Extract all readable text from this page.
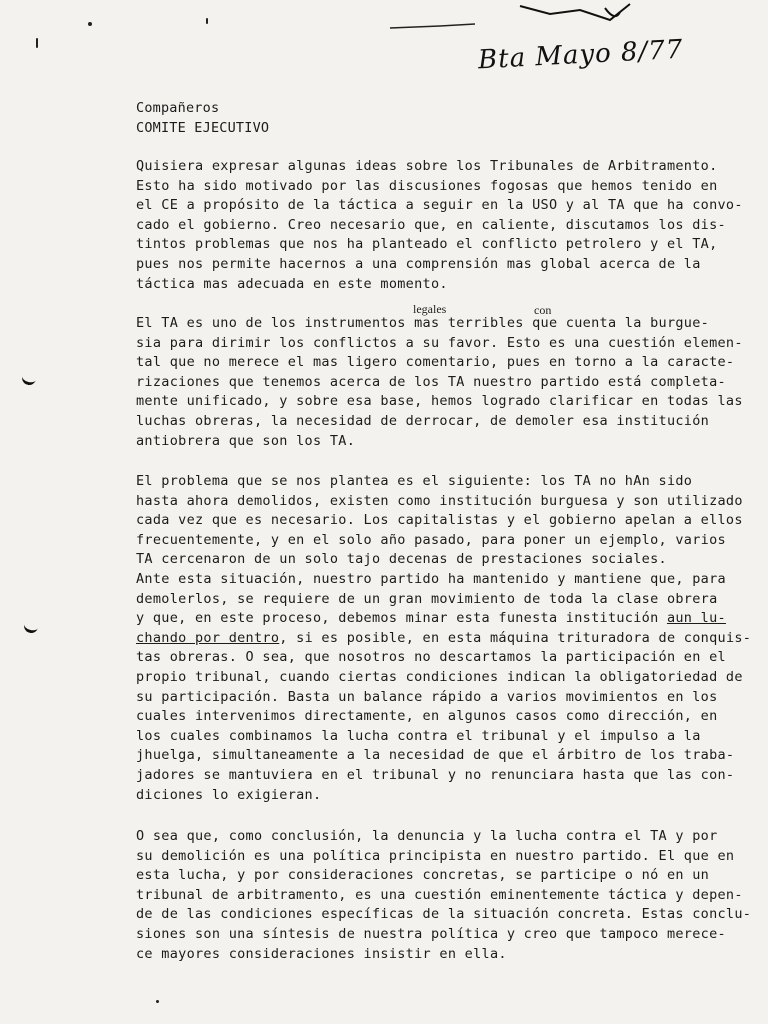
Bta Mayo 8/77
Compañeros
COMITE EJECUTIVO
legales	con
Quisiera expresar algunas ideas sobre los Tribunales de Arbitramento.
Esto ha sido motivado por las discusiones fogosas que hemos tenido en
el CE a propósito de la táctica a seguir en la USO y al TA que ha convo-
cado el gobierno. Creo necesario que, en caliente, discutamos los dis-
tintos problemas que nos ha planteado el conflicto petrolero y el TA,
pues nos permite hacernos a una comprensión mas global acerca de la
táctica mas adecuada en este momento.
El TA es uno de los instrumentos mas terribles que cuenta la burgue-
sia para dirimir los conflictos a su favor. Esto es una cuestión elemen-
tal que no merece el mas ligero comentario, pues en torno a la caracte-
rizaciones que tenemos acerca de los TA nuestro partido está completa-
mente unificado, y sobre esa base, hemos logrado clarificar en todas las
luchas obreras, la necesidad de derrocar, de demoler esa institución
antiobrera que son los TA.
El problema que se nos plantea es el siguiente: los TA no hAn sido
hasta ahora demolidos, existen como institución burguesa y son utilizado
cada vez que es necesario. Los capitalistas y el gobierno apelan a ellos
frecuentemente, y en el solo año pasado, para poner un ejemplo, varios
TA cercenaron de un solo tajo decenas de prestaciones sociales.
Ante esta situación, nuestro partido ha mantenido y mantiene que, para
demolerlos, se requiere de un gran movimiento de toda la clase obrera
y que, en este proceso, debemos minar esta funesta institución aun lu-
chando por dentro, si es posible, en esta máquina trituradora de conquis-
tas obreras. O sea, que nosotros no descartamos la participación en el
propio tribunal, cuando ciertas condiciones indican la obligatoriedad de
su participación. Basta un balance rápido a varios movimientos en los
cuales intervenimos directamente, en algunos casos como dirección, en
los cuales combinamos la lucha contra el tribunal y el impulso a la
jhuelga, simultaneamente a la necesidad de que el árbitro de los traba-
jadores se mantuviera en el tribunal y no renunciara hasta que las con-
diciones lo exigieran.
O sea que, como conclusión, la denuncia y la lucha contra el TA y por
su demolición es una política principista en nuestro partido. El que en
esta lucha, y por consideraciones concretas, se participe o nó en un
tribunal de arbitramento, es una cuestión eminentemente táctica y depen-
de de las condiciones específicas de la situación concreta. Estas conclu-
siones son una síntesis de nuestra política y creo que tampoco merece-
ce mayores consideraciones insistir en ella.
